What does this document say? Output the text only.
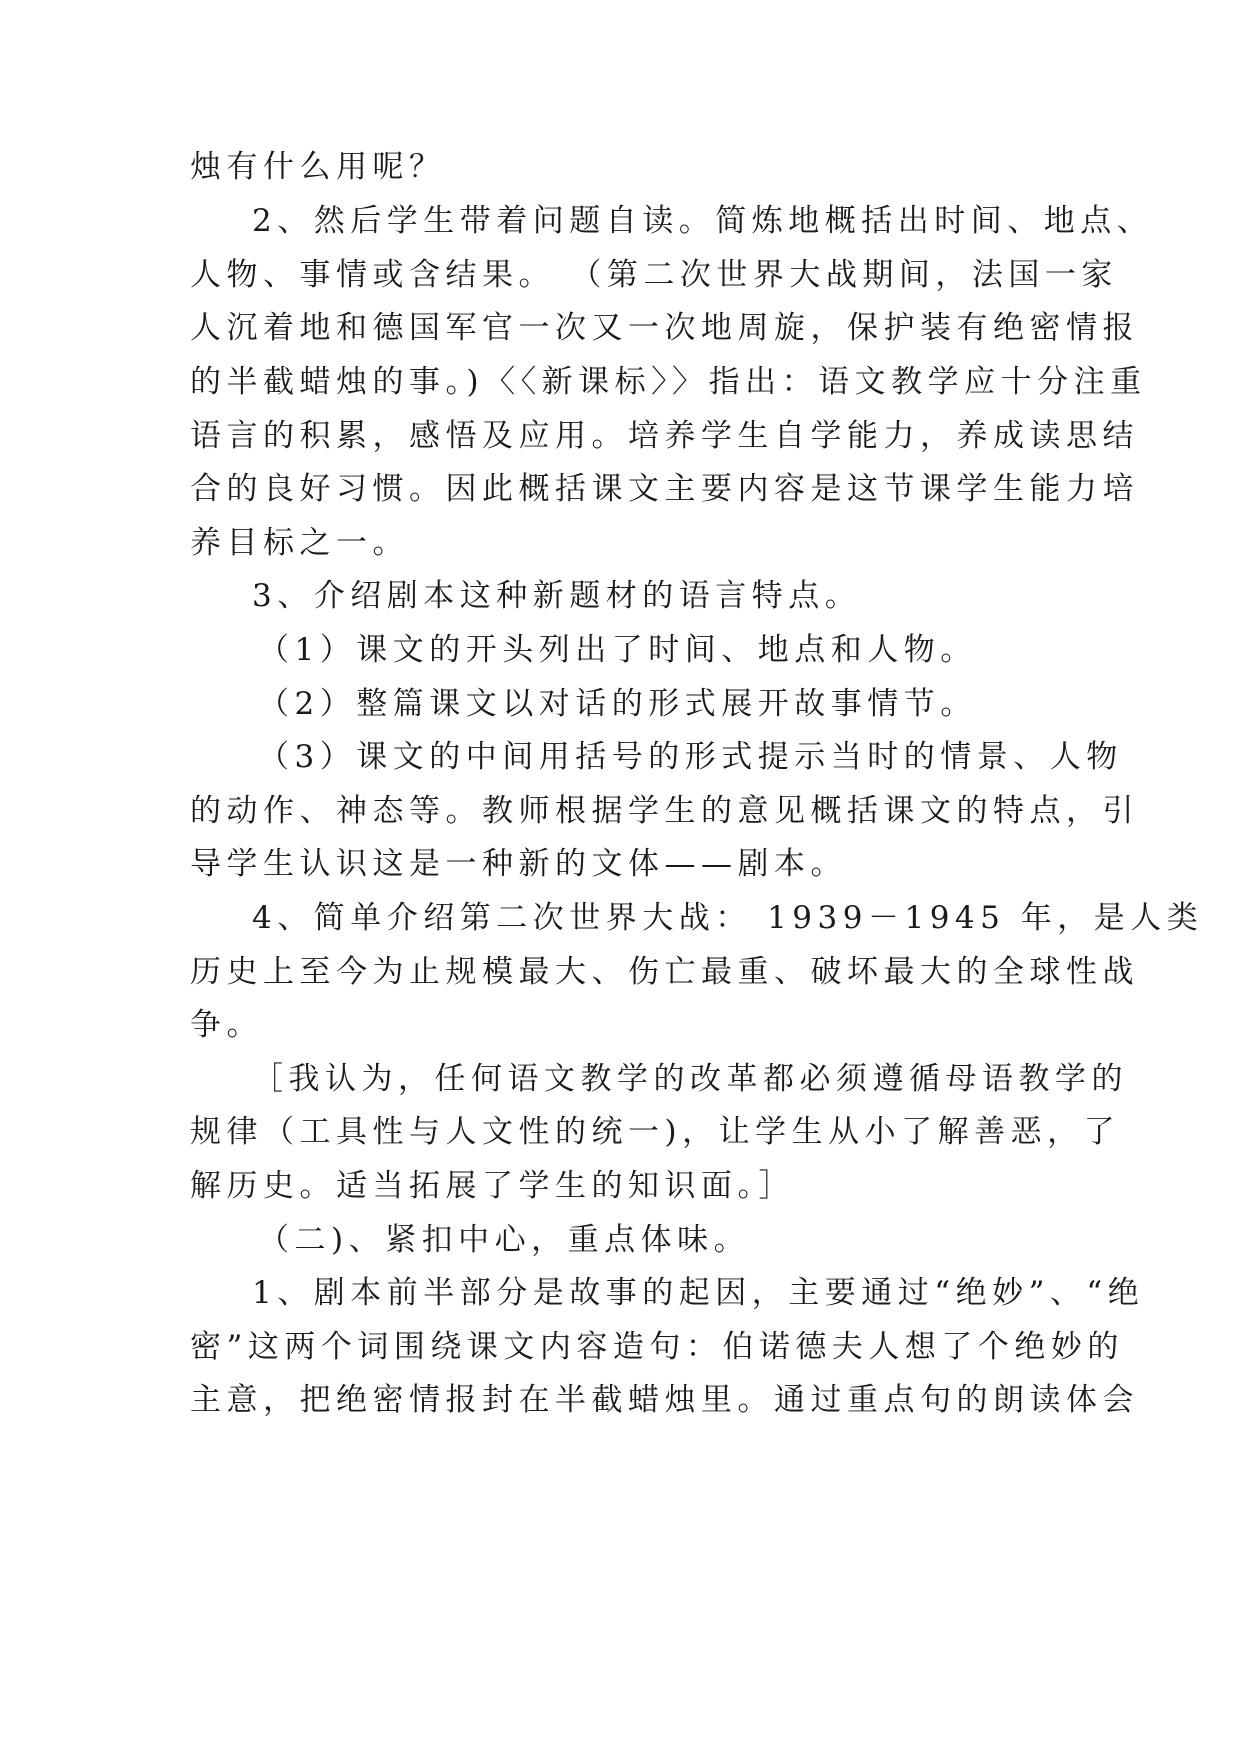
烛有什么用呢？
2、然后学生带着问题自读。简炼地概括出时间、地点、
人物、事情或含结果。 （第二次世界大战期间，法国一家
人沉着地和德国军官一次又一次地周旋，保护装有绝密情报
的半截蜡烛的事。)〈〈新课标〉〉指出：语文教学应十分注重
语言的积累，感悟及应用。培养学生自学能力，养成读思结
合的良好习惯。因此概括课文主要内容是这节课学生能力培
养目标之一。
3、介绍剧本这种新题材的语言特点。
（1）课文的开头列出了时间、地点和人物。
（2）整篇课文以对话的形式展开故事情节。
（3）课文的中间用括号的形式提示当时的情景、人物
的动作、神态等。教师根据学生的意见概括课文的特点，引
导学生认识这是一种新的文体——剧本。
4、简单介绍第二次世界大战： 1939－1945 年，是人类
历史上至今为止规模最大、伤亡最重、破坏最大的全球性战
争。
［我认为，任何语文教学的改革都必须遵循母语教学的
规律（工具性与人文性的统一)，让学生从小了解善恶，了
解历史。适当拓展了学生的知识面。］
（二)、紧扣中心，重点体味。
1、剧本前半部分是故事的起因，主要通过“绝妙”、“绝
密”这两个词围绕课文内容造句：伯诺德夫人想了个绝妙的
主意，把绝密情报封在半截蜡烛里。通过重点句的朗读体会
